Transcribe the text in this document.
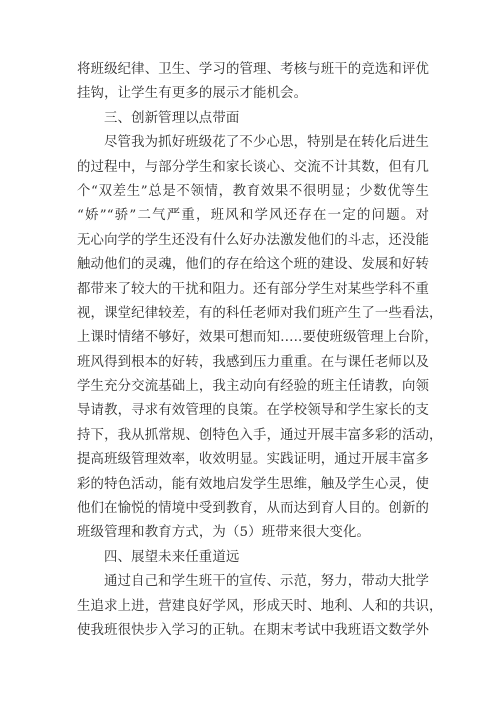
将班级纪律、卫生、学习的管理、考核与班干的竞选和评优
挂钩，让学生有更多的展示才能机会。
三、创新管理以点带面
尽管我为抓好班级花了不少心思，特别是在转化后进生
的过程中，与部分学生和家长谈心、交流不计其数，但有几
个“双差生”总是不领情，教育效果不很明显；少数优等生
“娇”“骄”二气严重，班风和学风还存在一定的问题。对
无心向学的学生还没有什么好办法激发他们的斗志，还没能
触动他们的灵魂，他们的存在给这个班的建设、发展和好转
都带来了较大的干扰和阻力。还有部分学生对某些学科不重
视，课堂纪律较差，有的科任老师对我们班产生了一些看法，
上课时情绪不够好，效果可想而知…..要使班级管理上台阶，
班风得到根本的好转，我感到压力重重。在与课任老师以及
学生充分交流基础上，我主动向有经验的班主任请教，向领
导请教，寻求有效管理的良策。在学校领导和学生家长的支
持下，我从抓常规、创特色入手，通过开展丰富多彩的活动，
提高班级管理效率，收效明显。实践证明，通过开展丰富多
彩的特色活动，能有效地启发学生思维，触及学生心灵，使
他们在愉悦的情境中受到教育，从而达到育人目的。创新的
班级管理和教育方式，为（5）班带来很大变化。
四、展望未来任重道远
通过自己和学生班干的宣传、示范，努力，带动大批学
生追求上进，营建良好学风，形成天时、地利、人和的共识，
使我班很快步入学习的正轨。在期末考试中我班语文数学外
